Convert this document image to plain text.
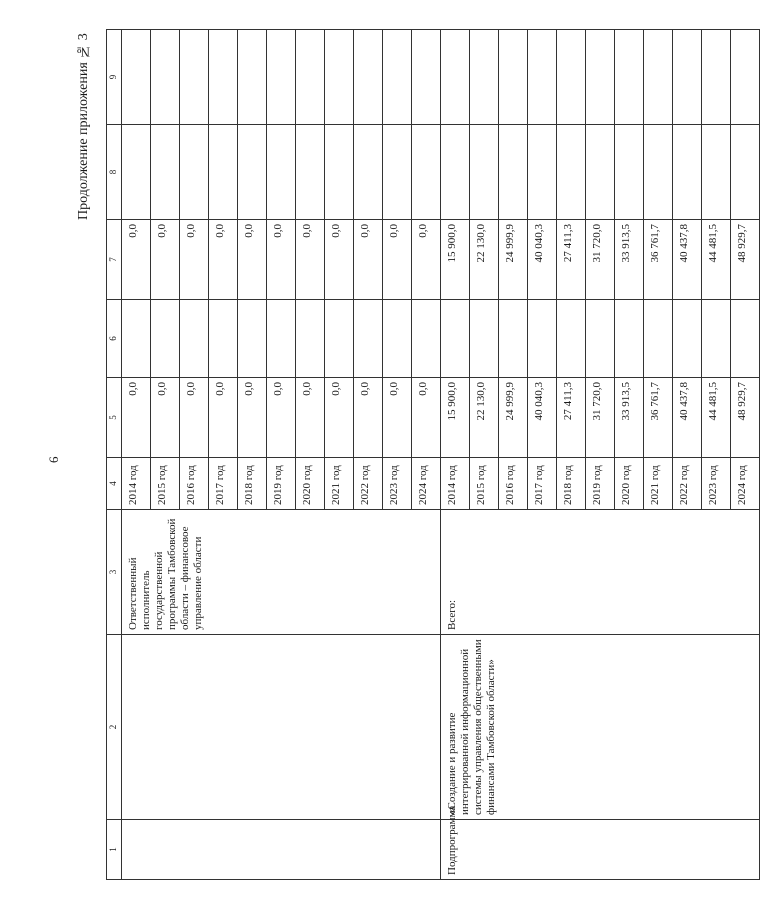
6
Продолжение приложения № 3
1	2	3	4	5	6	7	8	9
		Ответственный исполнитель государственной программы Тамбовской области – финансовое управление области	2014 год	0,0		0,0		
			2015 год	0,0		0,0		
			2016 год	0,0		0,0		
			2017 год	0,0		0,0		
			2018 год	0,0		0,0		
			2019 год	0,0		0,0		
			2020 год	0,0		0,0		
			2021 год	0,0		0,0		
			2022 год	0,0		0,0		
			2023 год	0,0		0,0		
			2024 год	0,0		0,0		
Подпрограмма	«Создание и развитие интегрированной информационной системы управления общественными финансами Тамбовской области»	Всего:	2014 год	15 900,0		15 900,0		
			2015 год	22 130,0		22 130,0		
			2016 год	24 999,9		24 999,9		
			2017 год	40 040,3		40 040,3		
			2018 год	27 411,3		27 411,3		
			2019 год	31 720,0		31 720,0		
			2020 год	33 913,5		33 913,5		
			2021 год	36 761,7		36 761,7		
			2022 год	40 437,8		40 437,8		
			2023 год	44 481,5		44 481,5		
			2024 год	48 929,7		48 929,7		
